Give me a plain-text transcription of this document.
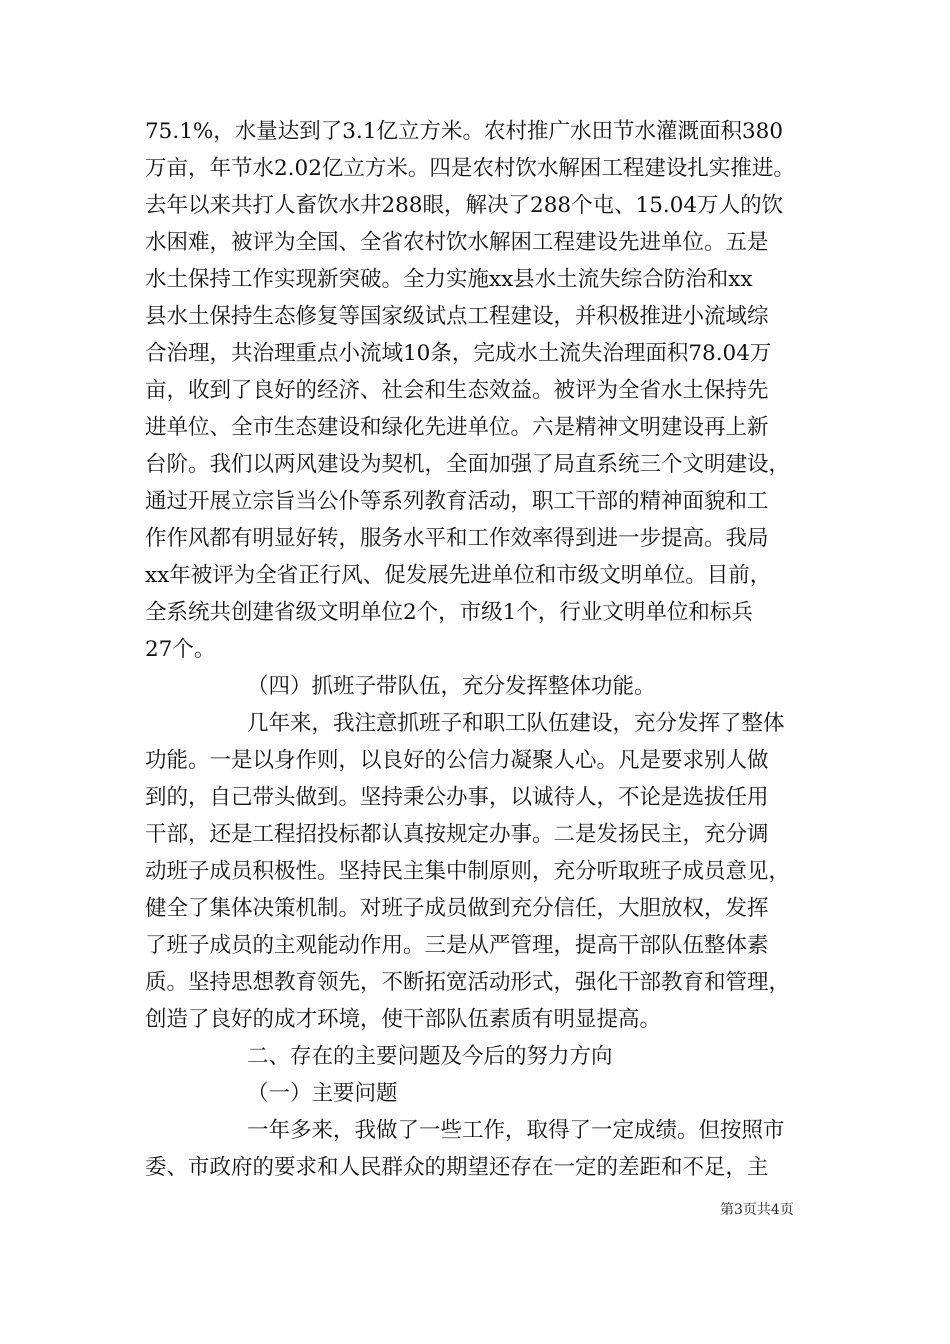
75.1%，水量达到了3.1亿立方米。农村推广水田节水灌溉面积380
万亩，年节水2.02亿立方米。四是农村饮水解困工程建设扎实推进。
去年以来共打人畜饮水井288眼，解决了288个屯、15.04万人的饮
水困难，被评为全国、全省农村饮水解困工程建设先进单位。五是
水土保持工作实现新突破。全力实施xx县水土流失综合防治和xx
县水土保持生态修复等国家级试点工程建设，并积极推进小流域综
合治理，共治理重点小流域10条，完成水土流失治理面积78.04万
亩，收到了良好的经济、社会和生态效益。被评为全省水土保持先
进单位、全市生态建设和绿化先进单位。六是精神文明建设再上新
台阶。我们以两风建设为契机，全面加强了局直系统三个文明建设，
通过开展立宗旨当公仆等系列教育活动，职工干部的精神面貌和工
作作风都有明显好转，服务水平和工作效率得到进一步提高。我局
xx年被评为全省正行风、促发展先进单位和市级文明单位。目前，
全系统共创建省级文明单位2个，市级1个，行业文明单位和标兵
27个。
（四）抓班子带队伍，充分发挥整体功能。
几年来，我注意抓班子和职工队伍建设，充分发挥了整体
功能。一是以身作则，以良好的公信力凝聚人心。凡是要求别人做
到的，自己带头做到。坚持秉公办事，以诚待人，不论是选拔任用
干部，还是工程招投标都认真按规定办事。二是发扬民主，充分调
动班子成员积极性。坚持民主集中制原则，充分听取班子成员意见，
健全了集体决策机制。对班子成员做到充分信任，大胆放权，发挥
了班子成员的主观能动作用。三是从严管理，提高干部队伍整体素
质。坚持思想教育领先，不断拓宽活动形式，强化干部教育和管理，
创造了良好的成才环境，使干部队伍素质有明显提高。
二、存在的主要问题及今后的努力方向
（一）主要问题
一年多来，我做了一些工作，取得了一定成绩。但按照市
委、市政府的要求和人民群众的期望还存在一定的差距和不足，主
第3页共4页
